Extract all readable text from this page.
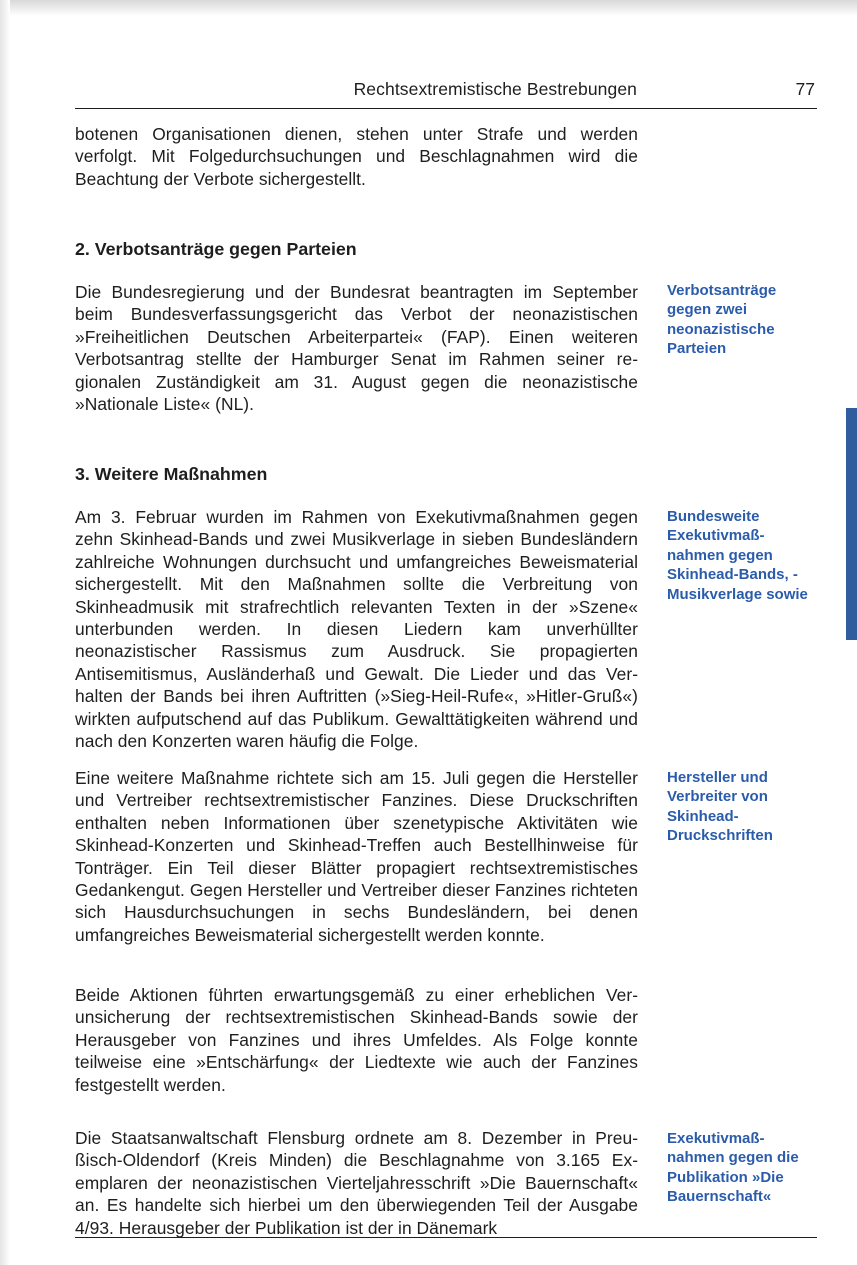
Rechtsextremistische Bestrebungen	77

botenen Organisationen dienen, stehen unter Strafe und werden verfolgt. Mit Folgedurchsuchungen und Beschlagnahmen wird die Beachtung der Verbote sichergestellt.

2. Verbotsanträge gegen Parteien

Die Bundesregierung und der Bundesrat beantragten im September beim Bundesverfassungsgericht das Verbot der neonazistischen »Freiheitlichen Deutschen Arbeiterpartei« (FAP). Einen weiteren Verbotsantrag stellte der Hamburger Senat im Rahmen seiner regionalen Zuständigkeit am 31. August gegen die neonazistische »Nationale Liste« (NL).

Verbotsanträge gegen zwei neonazistische Parteien

3. Weitere Maßnahmen

Am 3. Februar wurden im Rahmen von Exekutivmaßnahmen gegen zehn Skinhead-Bands und zwei Musikverlage in sieben Bundesländern zahlreiche Wohnungen durchsucht und umfangreiches Beweismaterial sichergestellt. Mit den Maßnahmen sollte die Verbreitung von Skinheadmusik mit strafrechtlich relevanten Texten in der »Szene« unterbunden werden. In diesen Liedern kam unverhüllter neonazistischer Rassismus zum Ausdruck. Sie propagierten Antisemitismus, Ausländerhaß und Gewalt. Die Lieder und das Verhalten der Bands bei ihren Auftritten (»Sieg-Heil-Rufe«, »Hitler-Gruß«) wirkten aufputschend auf das Publikum. Gewalttätigkeiten während und nach den Konzerten waren häufig die Folge.

Bundesweite Exekutivmaßnahmen gegen Skinhead-Bands, -Musikverlage sowie

Eine weitere Maßnahme richtete sich am 15. Juli gegen die Hersteller und Vertreiber rechtsextremistischer Fanzines. Diese Druckschriften enthalten neben Informationen über szenetypische Aktivitäten wie Skinhead-Konzerten und Skinhead-Treffen auch Bestellhinweise für Tonträger. Ein Teil dieser Blätter propagiert rechtsextremistisches Gedankengut. Gegen Hersteller und Vertreiber dieser Fanzines richteten sich Hausdurchsuchungen in sechs Bundesländern, bei denen umfangreiches Beweismaterial sichergestellt werden konnte.

Hersteller und Verbreiter von Skinhead-Druckschriften

Beide Aktionen führten erwartungsgemäß zu einer erheblichen Verunsicherung der rechtsextremistischen Skinhead-Bands sowie der Herausgeber von Fanzines und ihres Umfeldes. Als Folge konnte teilweise eine »Entschärfung« der Liedtexte wie auch der Fanzines festgestellt werden.

Die Staatsanwaltschaft Flensburg ordnete am 8. Dezember in Preußisch-Oldendorf (Kreis Minden) die Beschlagnahme von 3.165 Exemplaren der neonazistischen Vierteljahresschrift »Die Bauernschaft« an. Es handelte sich hierbei um den überwiegenden Teil der Ausgabe 4/93. Herausgeber der Publikation ist der in Dänemark

Exekutivmaßnahmen gegen die Publikation »Die Bauernschaft«
